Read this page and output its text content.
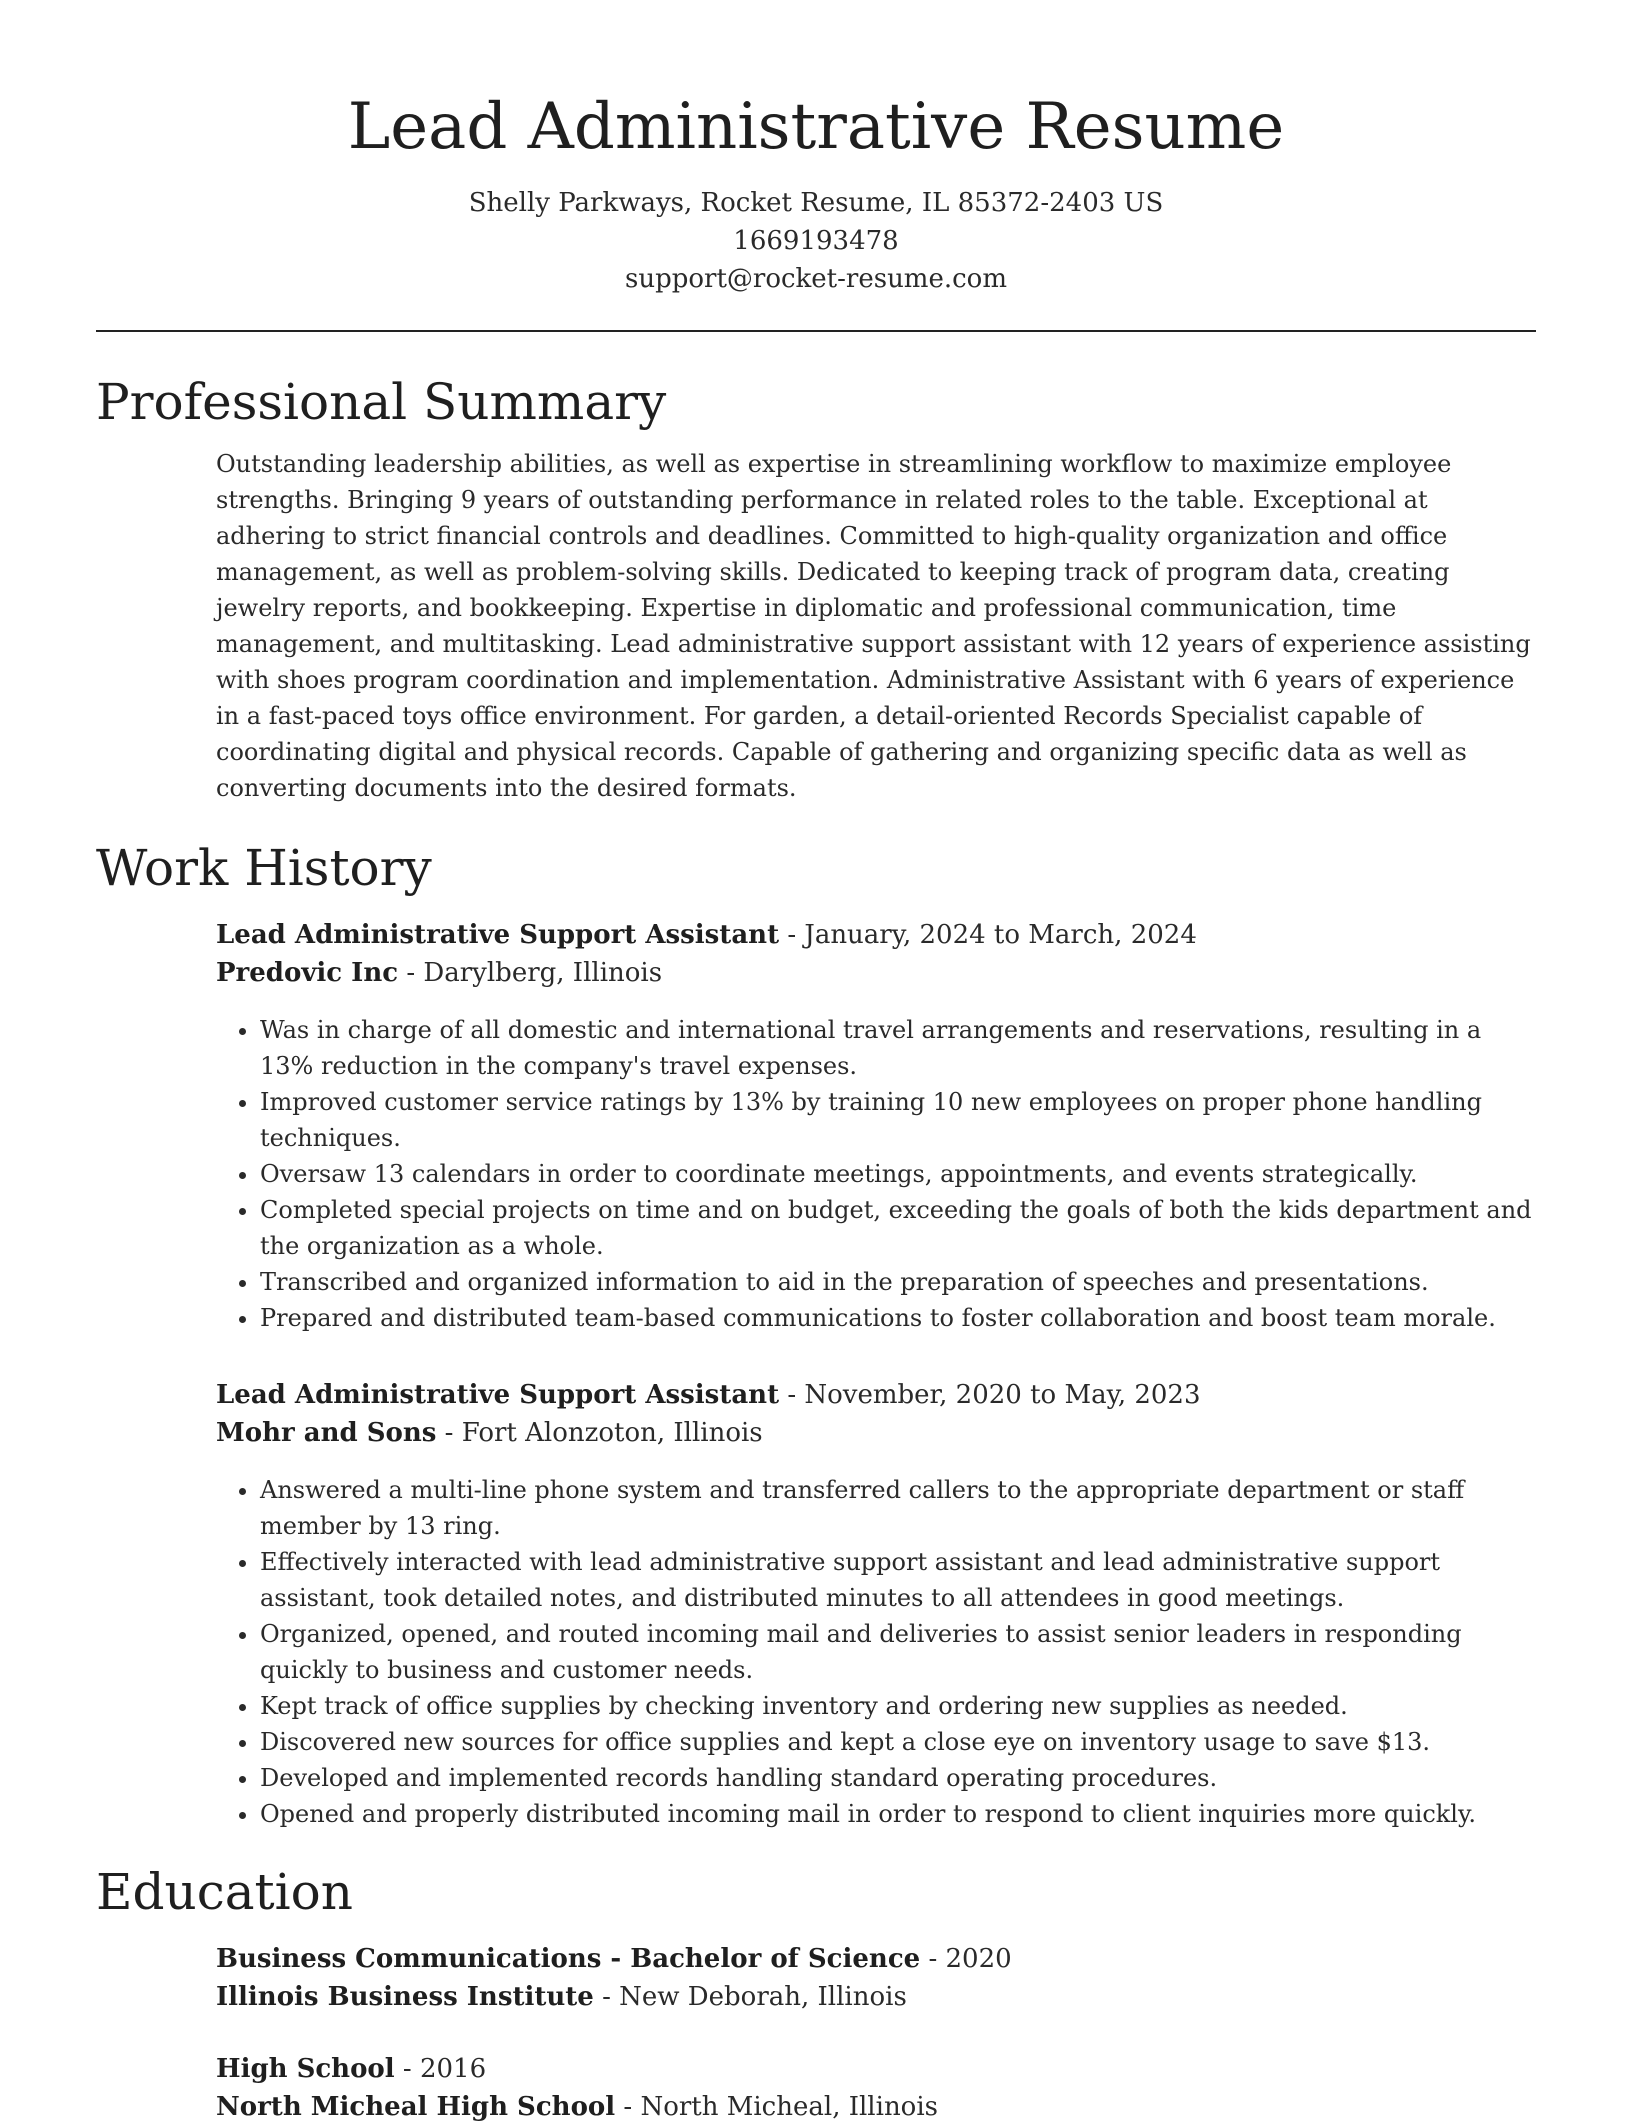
Lead Administrative Resume
Shelly Parkways, Rocket Resume, IL 85372-2403 US
1669193478
support@rocket-resume.com
Professional Summary

Outstanding leadership abilities, as well as expertise in streamlining workflow to maximize employee strengths. Bringing 9 years of outstanding performance in related roles to the table. Exceptional at adhering to strict financial controls and deadlines. Committed to high-quality organization and office management, as well as problem-solving skills. Dedicated to keeping track of program data, creating jewelry reports, and bookkeeping. Expertise in diplomatic and professional communication, time management, and multitasking. Lead administrative support assistant with 12 years of experience assisting with shoes program coordination and implementation. Administrative Assistant with 6 years of experience in a fast-paced toys office environment. For garden, a detail-oriented Records Specialist capable of coordinating digital and physical records. Capable of gathering and organizing specific data as well as converting documents into the desired formats.

Work History
Lead Administrative Support Assistant - January, 2024 to March, 2024
Predovic Inc - Darylberg, Illinois
• Was in charge of all domestic and international travel arrangements and reservations, resulting in a 13% reduction in the company's travel expenses.
• Improved customer service ratings by 13% by training 10 new employees on proper phone handling techniques.
• Oversaw 13 calendars in order to coordinate meetings, appointments, and events strategically.
• Completed special projects on time and on budget, exceeding the goals of both the kids department and the organization as a whole.
• Transcribed and organized information to aid in the preparation of speeches and presentations.
• Prepared and distributed team-based communications to foster collaboration and boost team morale.
Lead Administrative Support Assistant - November, 2020 to May, 2023
Mohr and Sons - Fort Alonzoton, Illinois
• Answered a multi-line phone system and transferred callers to the appropriate department or staff member by 13 ring.
• Effectively interacted with lead administrative support assistant and lead administrative support assistant, took detailed notes, and distributed minutes to all attendees in good meetings.
• Organized, opened, and routed incoming mail and deliveries to assist senior leaders in responding quickly to business and customer needs.
• Kept track of office supplies by checking inventory and ordering new supplies as needed.
• Discovered new sources for office supplies and kept a close eye on inventory usage to save $13.
• Developed and implemented records handling standard operating procedures.
• Opened and properly distributed incoming mail in order to respond to client inquiries more quickly.
Education
Business Communications - Bachelor of Science - 2020
Illinois Business Institute - New Deborah, Illinois
High School - 2016
North Micheal High School - North Micheal, Illinois
